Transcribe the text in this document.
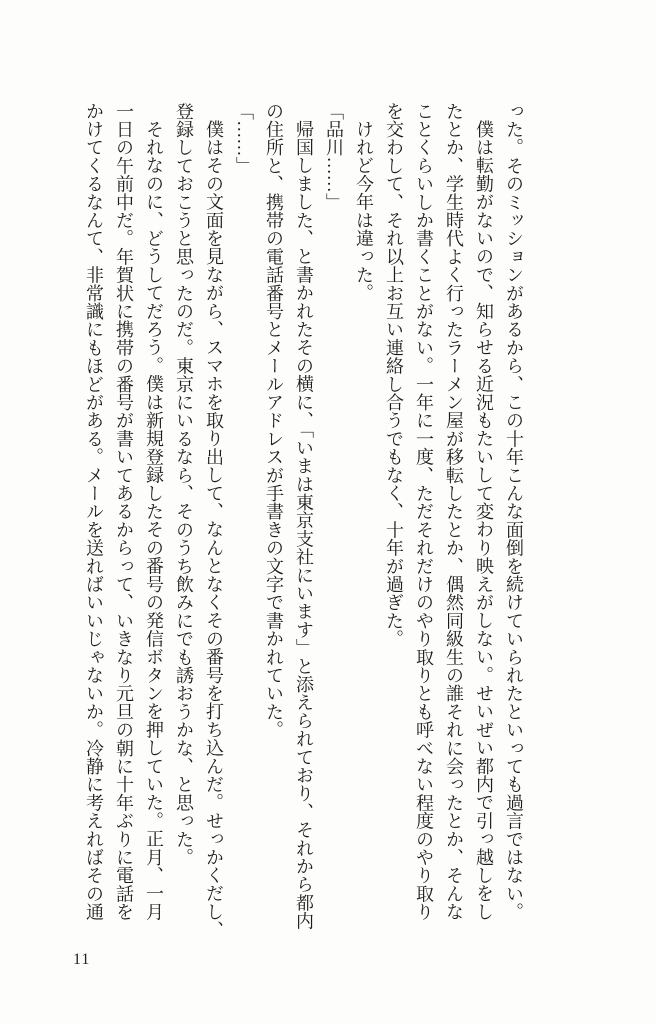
った。そのミッションがあるから、この十年こんな面倒を続けていられたといっても過言ではない。

僕は転勤がないので、知らせる近況もたいして変わり映えがしない。せいぜい都内で引っ越しをし

たとか、学生時代よく行ったラーメン屋が移転したとか、偶然同級生の誰それに会ったとか、そんな

ことくらいしか書くことがない。一年に一度、ただそれだけのやり取りとも呼べない程度のやり取り

を交わして、それ以上お互い連絡し合うでもなく、十年が過ぎた。

けれど今年は違った。

「品川……」

帰国しました、と書かれたその横に、「いまは東京支社にいます」と添えられており、それから都内

の住所と、携帯の電話番号とメールアドレスが手書きの文字で書かれていた。

「……」

僕はその文面を見ながら、スマホを取り出して、なんとなくその番号を打ち込んだ。せっかくだし、

登録しておこうと思ったのだ。東京にいるなら、そのうち飲みにでも誘おうかな、と思った。

それなのに、どうしてだろう。僕は新規登録したその番号の発信ボタンを押していた。正月、一月

一日の午前中だ。年賀状に携帯の番号が書いてあるからって、いきなり元旦の朝に十年ぶりに電話を

かけてくるなんて、非常識にもほどがある。メールを送ればいいじゃないか。冷静に考えればその通

11
